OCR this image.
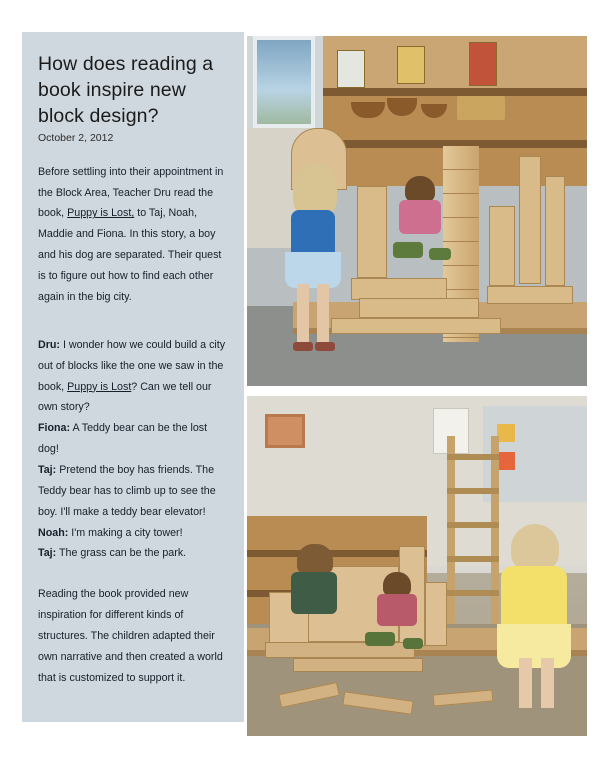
How does reading a book inspire new block design?
October 2, 2012

Before settling into their appointment in the Block Area, Teacher Dru read the book, Puppy is Lost, to Taj, Noah, Maddie and Fiona. In this story, a boy and his dog are separated. Their quest is to figure out how to find each other again in the big city.

Dru: I wonder how we could build a city out of blocks like the one we saw in the book, Puppy is Lost? Can we tell our own story?
Fiona: A Teddy bear can be the lost dog!
Taj: Pretend the boy has friends. The Teddy bear has to climb up to see the boy. I'll make a teddy bear elevator!
Noah: I'm making a city tower!
Taj: The grass can be the park.

Reading the book provided new inspiration for different kinds of structures. The children adapted their own narrative and then created a world that is customized to support it.
